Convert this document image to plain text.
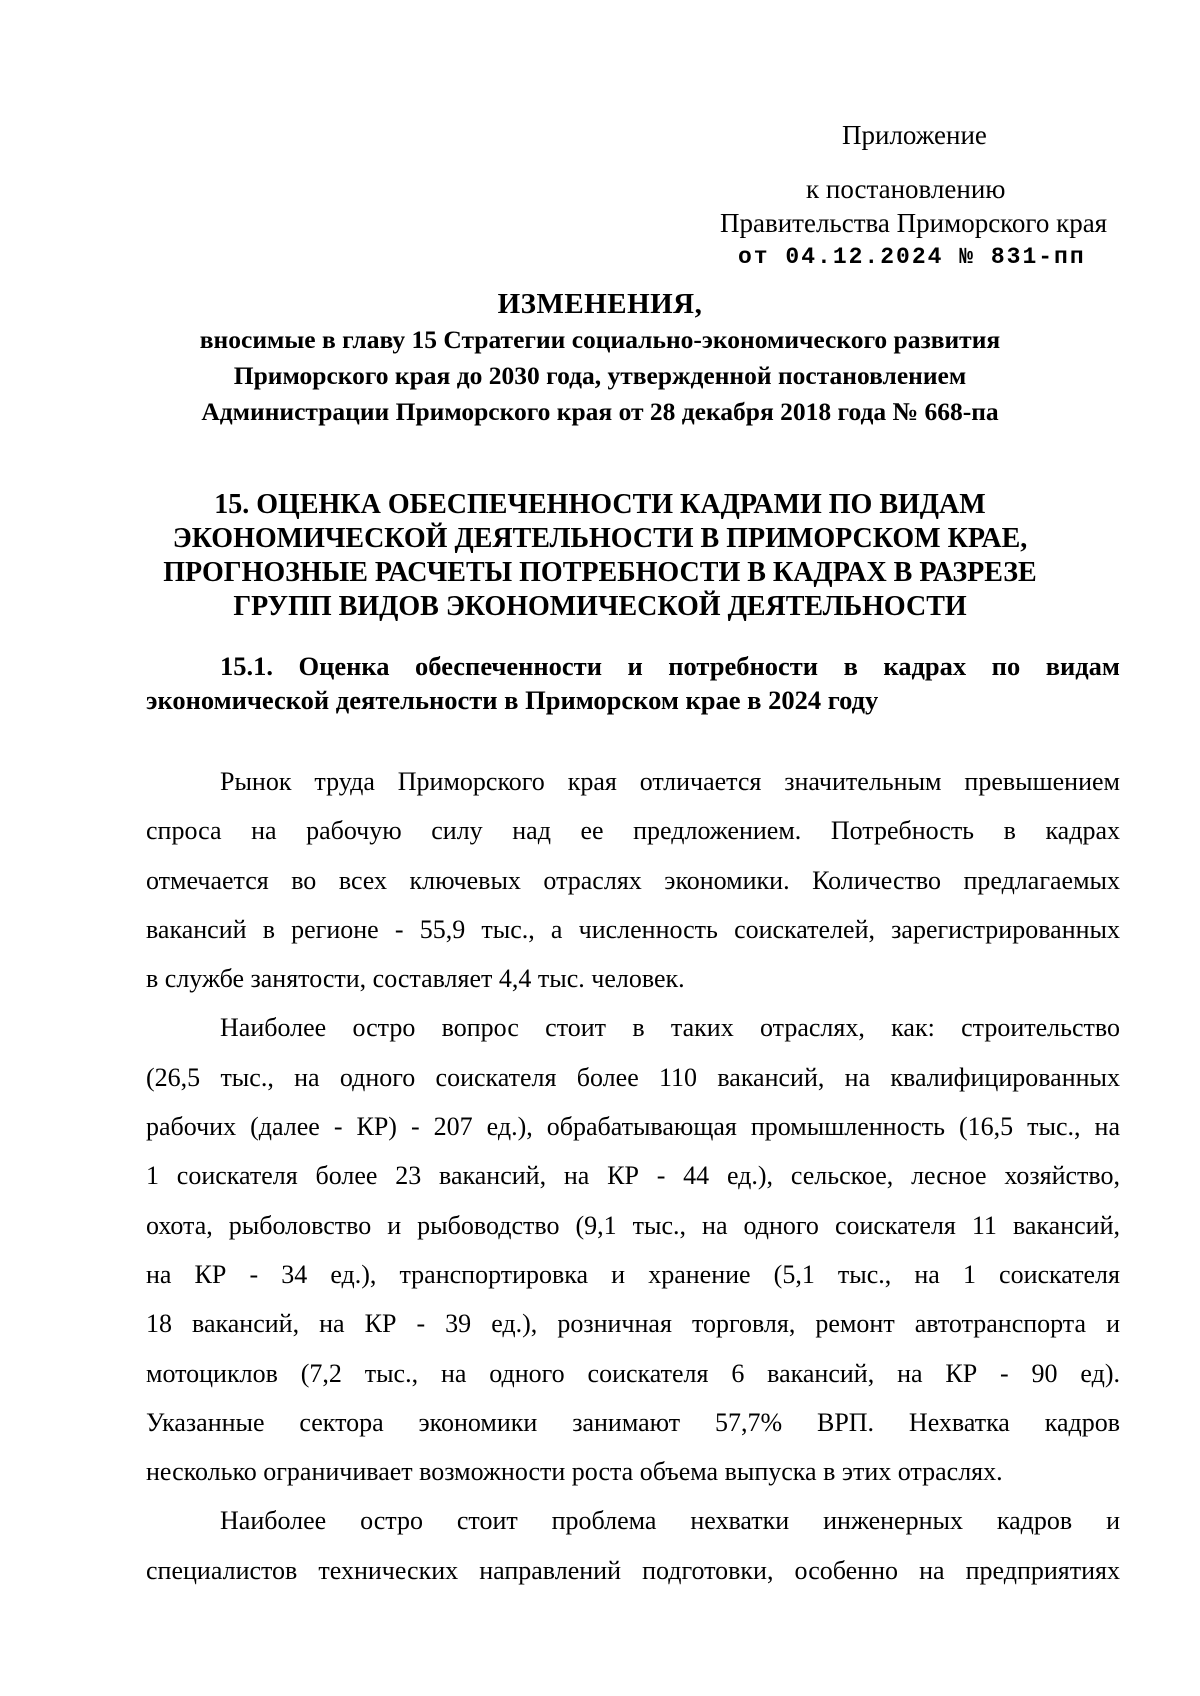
Приложение
к постановлению
Правительства Приморского края
от 04.12.2024 № 831-пп
ИЗМЕНЕНИЯ,
вносимые в главу 15 Стратегии социально-экономического развития
Приморского края до 2030 года, утвержденной постановлением
Администрации Приморского края от 28 декабря 2018 года № 668-па
15. ОЦЕНКА ОБЕСПЕЧЕННОСТИ КАДРАМИ ПО ВИДАМ
ЭКОНОМИЧЕСКОЙ ДЕЯТЕЛЬНОСТИ В ПРИМОРСКОМ КРАЕ,
ПРОГНОЗНЫЕ РАСЧЕТЫ ПОТРЕБНОСТИ В КАДРАХ В РАЗРЕЗЕ
ГРУПП ВИДОВ ЭКОНОМИЧЕСКОЙ ДЕЯТЕЛЬНОСТИ
15.1. Оценка обеспеченности и потребности в кадрах по видам
экономической деятельности в Приморском крае в 2024 году

Рынок труда Приморского края отличается значительным превышением
спроса на рабочую силу над ее предложением. Потребность в кадрах
отмечается во всех ключевых отраслях экономики. Количество предлагаемых
вакансий в регионе - 55,9 тыс., а численность соискателей, зарегистрированных
в службе занятости, составляет 4,4 тыс. человек.

Наиболее остро вопрос стоит в таких отраслях, как: строительство
(26,5 тыс., на одного соискателя более 110 вакансий, на квалифицированных
рабочих (далее - КР) - 207 ед.), обрабатывающая промышленность (16,5 тыс., на
1 соискателя более 23 вакансий, на КР - 44 ед.), сельское, лесное хозяйство,
охота, рыболовство и рыбоводство (9,1 тыс., на одного соискателя 11 вакансий,
на КР - 34 ед.), транспортировка и хранение (5,1 тыс., на 1 соискателя
18 вакансий, на КР - 39 ед.), розничная торговля, ремонт автотранспорта и
мотоциклов (7,2 тыс., на одного соискателя 6 вакансий, на КР - 90 ед).
Указанные сектора экономики занимают 57,7% ВРП. Нехватка кадров
несколько ограничивает возможности роста объема выпуска в этих отраслях.

Наиболее остро стоит проблема нехватки инженерных кадров и
специалистов технических направлений подготовки, особенно на предприятиях
